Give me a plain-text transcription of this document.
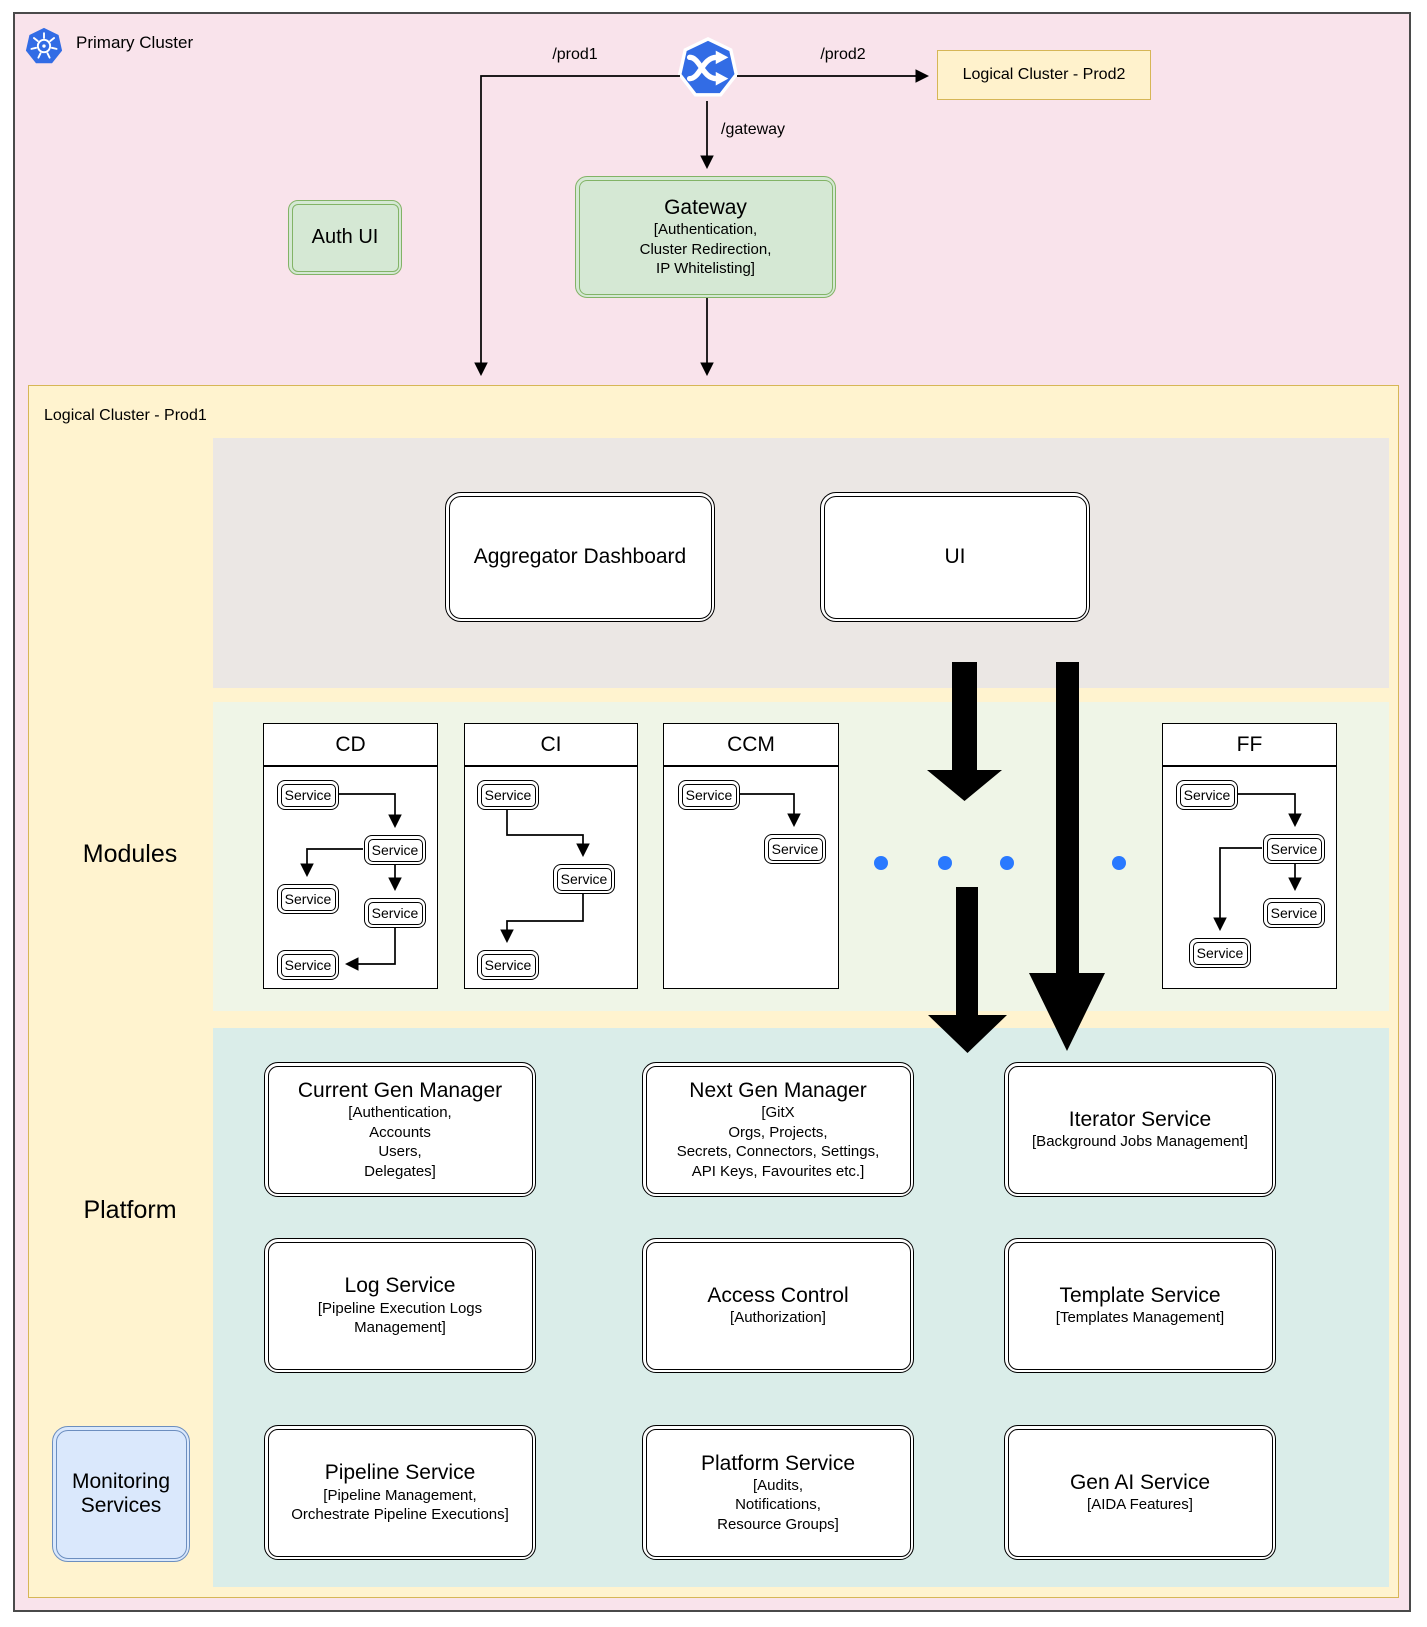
Primary Cluster
/prod1	/prod2
/gateway
Logical Cluster - Prod2
Auth UI
Gateway
[Authentication,
Cluster Redirection,
IP Whitelisting]
Logical Cluster - Prod1
Aggregator Dashboard	UI
Modules
CD
Service
Service
Service
Service
Service
CI
Service
Service
Service
CCM
Service
Service
FF
Service
Service
Service
Service
Platform
Current Gen Manager
[Authentication,
Accounts
Users,
Delegates]
Next Gen Manager
[GitX
Orgs, Projects,
Secrets, Connectors, Settings,
API Keys, Favourites etc.]
Iterator Service
[Background Jobs Management]
Log Service
[Pipeline Execution Logs
Management]
Access Control
[Authorization]
Template Service
[Templates Management]
Pipeline Service
[Pipeline Management,
Orchestrate Pipeline Executions]
Platform Service
[Audits,
Notifications,
Resource Groups]
Gen AI Service
[AIDA Features]
Monitoring Services
